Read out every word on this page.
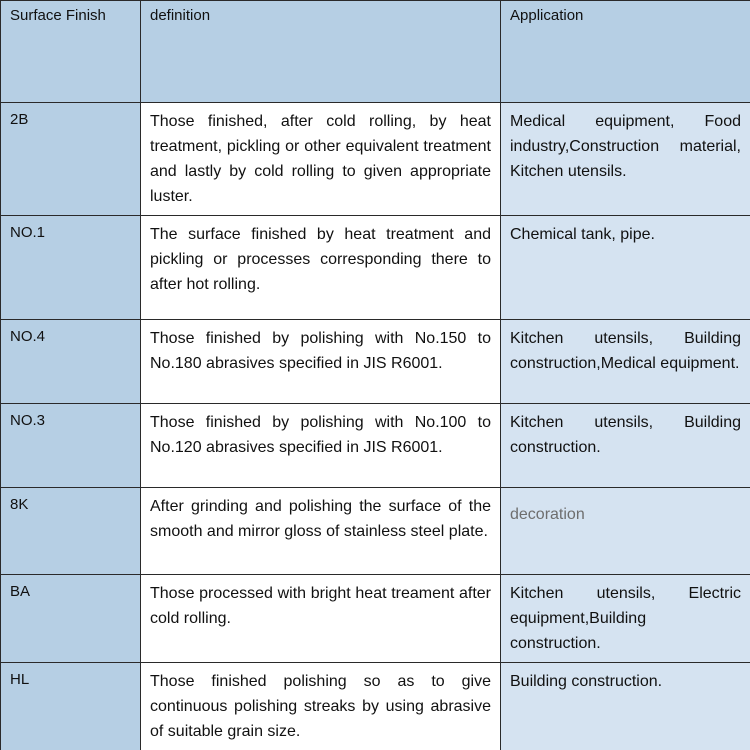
Surface Finish	definition	Application
2B	Those finished, after cold rolling, by heat treatment, pickling or other equivalent treatment and lastly by cold rolling to given appropriate luster.	Medical equipment, Food industry,Construction material, Kitchen utensils.
NO.1	The surface finished by heat treatment and pickling or processes corresponding there to after hot rolling.	Chemical tank, pipe.
NO.4	Those finished by polishing with No.150 to No.180 abrasives specified in JIS R6001.	Kitchen utensils, Building construction,Medical equipment.
NO.3	Those finished by polishing with No.100 to No.120 abrasives specified in JIS R6001.	Kitchen utensils, Building construction.
8K	After grinding and polishing the surface of the smooth and mirror gloss of stainless steel plate.	decoration
BA	Those processed with bright heat treament after cold rolling.	Kitchen utensils, Electric equipment,Building construction.
HL	Those finished polishing so as to give continuous polishing streaks by using abrasive of suitable grain size.	Building construction.
